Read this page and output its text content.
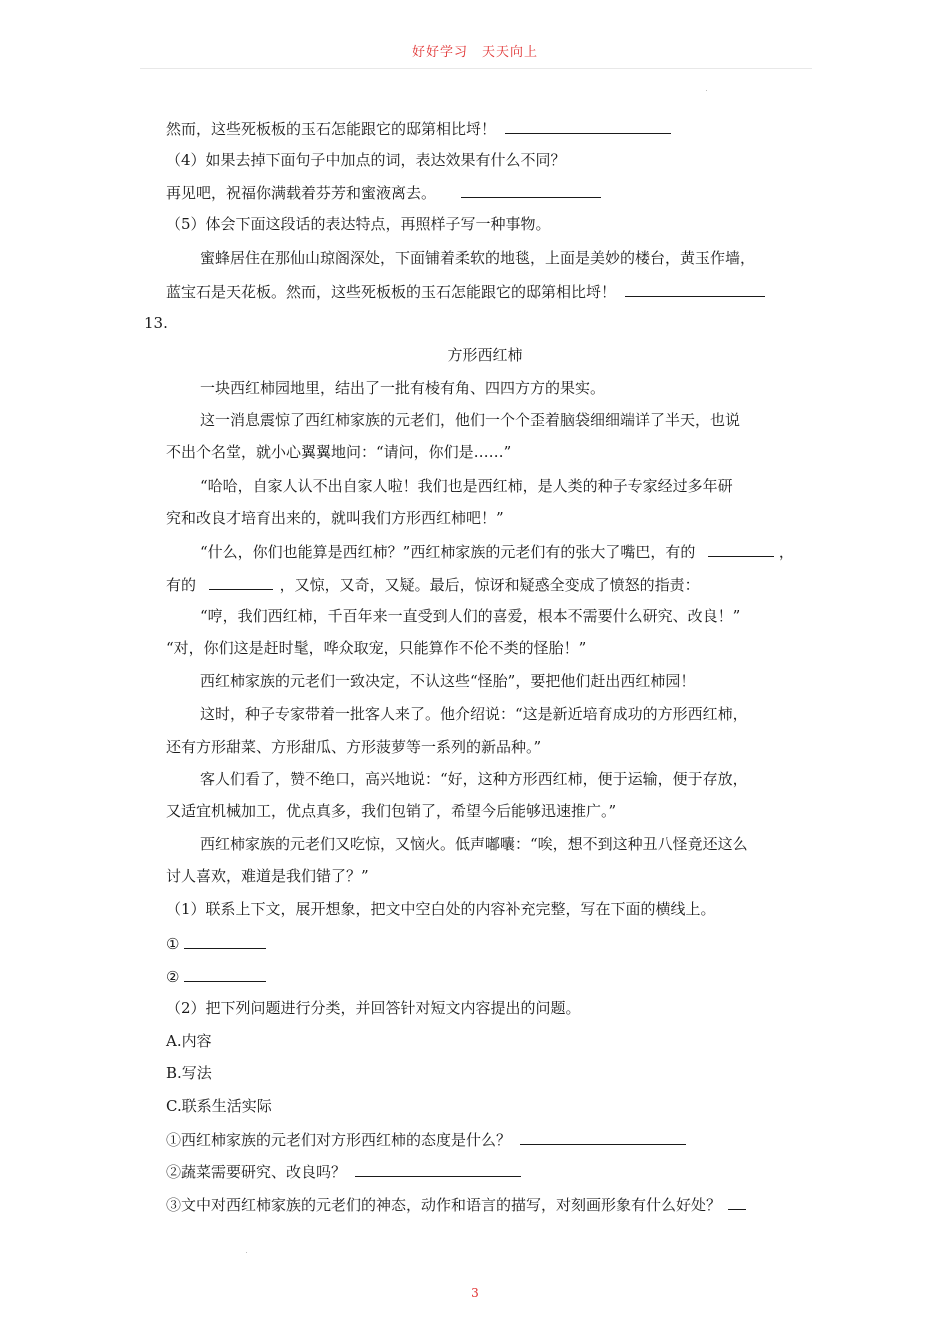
好好学习　天天向上
然而，这些死板板的玉石怎能跟它的邸第相比埒！
（4）如果去掉下面句子中加点的词，表达效果有什么不同？
再见吧，祝福你满载着芬芳和蜜液离去。
（5）体会下面这段话的表达特点，再照样子写一种事物。
蜜蜂居住在那仙山琼阁深处，下面铺着柔软的地毯，上面是美妙的楼台，黄玉作墙，
蓝宝石是天花板。然而，这些死板板的玉石怎能跟它的邸第相比埒！
13.
方形西红柿
一块西红柿园地里，结出了一批有棱有角、四四方方的果实。
这一消息震惊了西红柿家族的元老们，他们一个个歪着脑袋细细端详了半天，也说
不出个名堂，就小心翼翼地问：“请问，你们是……”
“哈哈，自家人认不出自家人啦！我们也是西红柿，是人类的种子专家经过多年研
究和改良才培育出来的，就叫我们方形西红柿吧！”
“什么，你们也能算是西红柿？”西红柿家族的元老们有的张大了嘴巴，有的	，
有的	，又惊，又奇，又疑。最后，惊讶和疑惑全变成了愤怒的指责：
“哼，我们西红柿，千百年来一直受到人们的喜爱，根本不需要什么研究、改良！”
“对，你们这是赶时髦，哗众取宠，只能算作不伦不类的怪胎！”
西红柿家族的元老们一致决定，不认这些“怪胎”，要把他们赶出西红柿园！
这时，种子专家带着一批客人来了。他介绍说：“这是新近培育成功的方形西红柿，
还有方形甜菜、方形甜瓜、方形菠萝等一系列的新品种。”
客人们看了，赞不绝口，高兴地说：“好，这种方形西红柿，便于运输，便于存放，
又适宜机械加工，优点真多，我们包销了，希望今后能够迅速推广。”
西红柿家族的元老们又吃惊，又恼火。低声嘟囔：“唉，想不到这种丑八怪竟还这么
讨人喜欢，难道是我们错了？”
（1）联系上下文，展开想象，把文中空白处的内容补充完整，写在下面的横线上。
①
②
（2）把下列问题进行分类，并回答针对短文内容提出的问题。
A.内容
B.写法
C.联系生活实际
①西红柿家族的元老们对方形西红柿的态度是什么？
②蔬菜需要研究、改良吗？
③文中对西红柿家族的元老们的神态，动作和语言的描写，对刻画形象有什么好处？
3
